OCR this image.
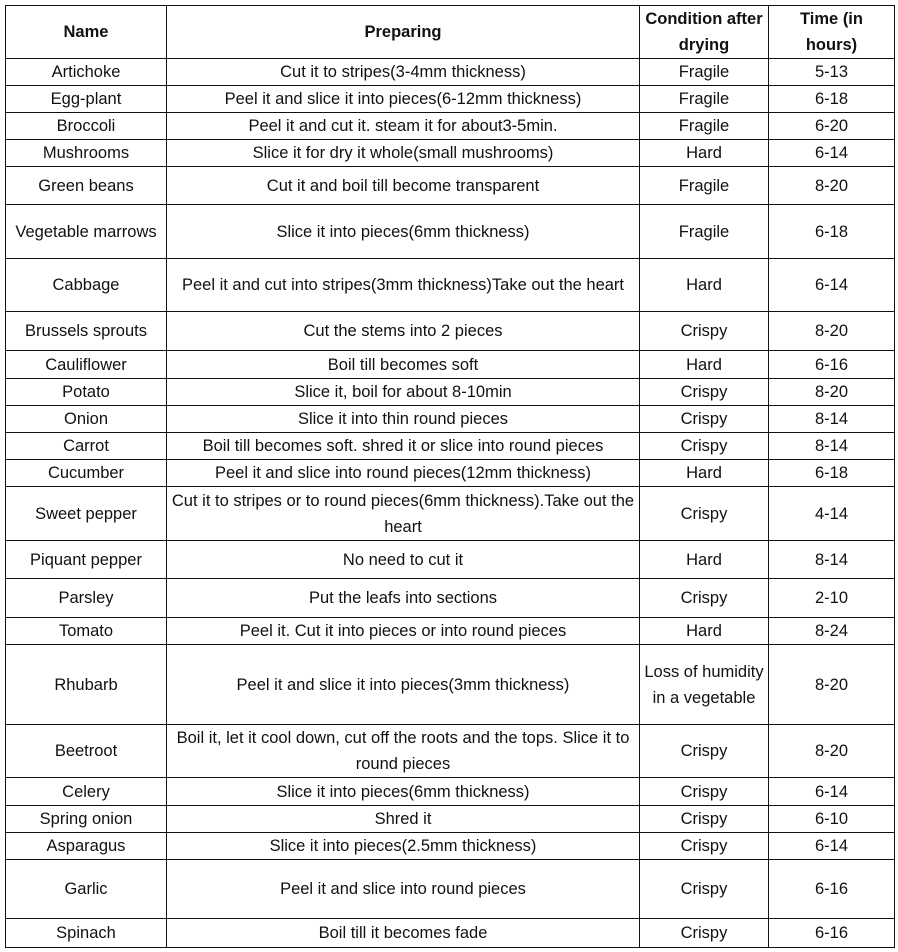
Name	Preparing	Condition after drying	Time (in hours)
Artichoke	Cut it to stripes(3-4mm thickness)	Fragile	5-13
Egg-plant	Peel it and slice it into pieces(6-12mm thickness)	Fragile	6-18
Broccoli	Peel it and cut it. steam it for about3-5min.	Fragile	6-20
Mushrooms	Slice it for dry it whole(small mushrooms)	Hard	6-14
Green beans	Cut it and boil till become transparent	Fragile	8-20
Vegetable marrows	Slice it into pieces(6mm thickness)	Fragile	6-18
Cabbage	Peel it and cut into stripes(3mm thickness)Take out the heart	Hard	6-14
Brussels sprouts	Cut the stems into 2 pieces	Crispy	8-20
Cauliflower	Boil till becomes soft	Hard	6-16
Potato	Slice it, boil for about 8-10min	Crispy	8-20
Onion	Slice it into thin round pieces	Crispy	8-14
Carrot	Boil till becomes soft. shred it or slice into round pieces	Crispy	8-14
Cucumber	Peel it and slice into round pieces(12mm thickness)	Hard	6-18
Sweet pepper	Cut it to stripes or to round pieces(6mm thickness).Take out the heart	Crispy	4-14
Piquant pepper	No need to cut it	Hard	8-14
Parsley	Put the leafs into sections	Crispy	2-10
Tomato	Peel it. Cut it into pieces or into round pieces	Hard	8-24
Rhubarb	Peel it and slice it into pieces(3mm thickness)	Loss of humidity in a vegetable	8-20
Beetroot	Boil it, let it cool down, cut off the roots and the tops. Slice it to round pieces	Crispy	8-20
Celery	Slice it into pieces(6mm thickness)	Crispy	6-14
Spring onion	Shred it	Crispy	6-10
Asparagus	Slice it into pieces(2.5mm thickness)	Crispy	6-14
Garlic	Peel it and slice into round pieces	Crispy	6-16
Spinach	Boil till it becomes fade	Crispy	6-16
